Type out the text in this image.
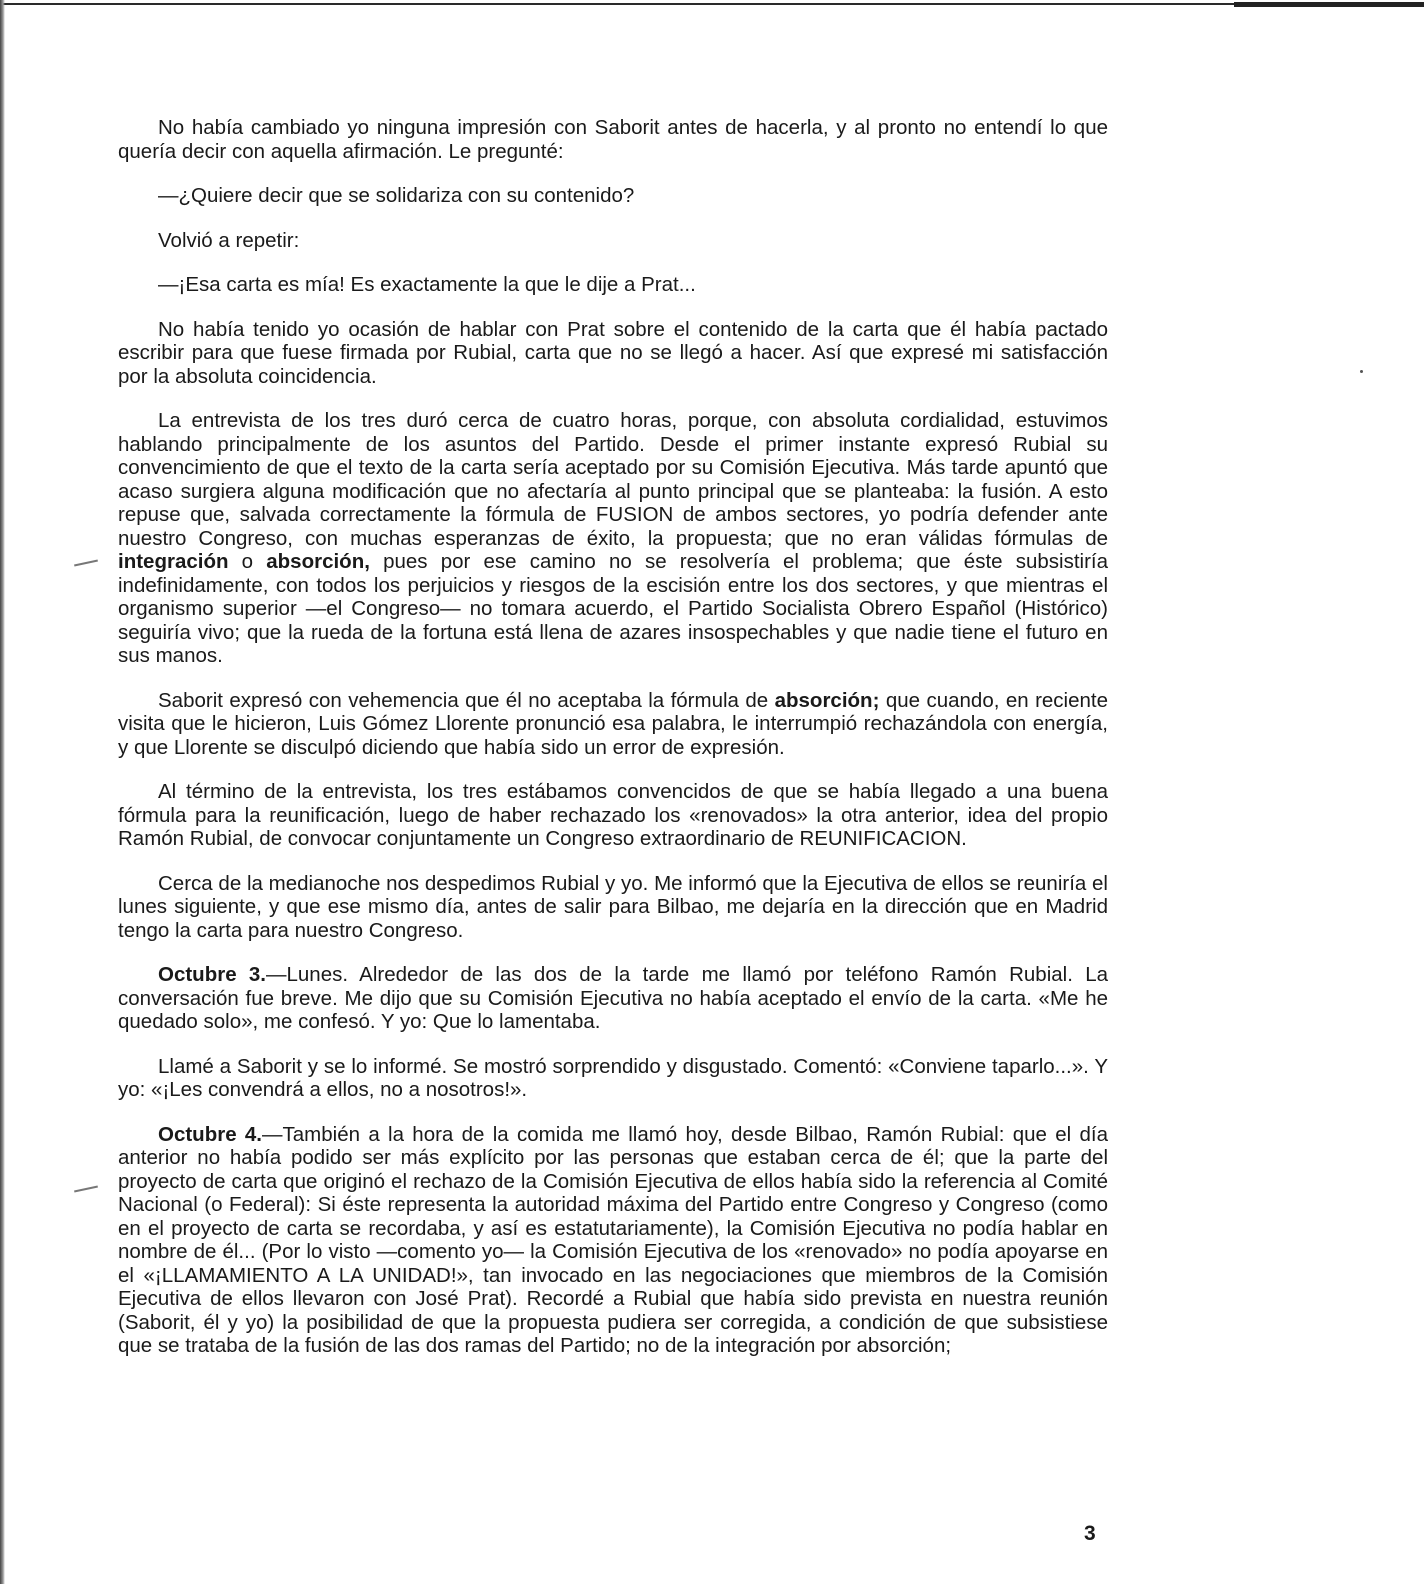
No había cambiado yo ninguna impresión con Saborit antes de hacerla, y al pronto no entendí lo que quería decir con aquella afirmación. Le pregunté:

—¿Quiere decir que se solidariza con su contenido?

Volvió a repetir:

—¡Esa carta es mía! Es exactamente la que le dije a Prat...

No había tenido yo ocasión de hablar con Prat sobre el contenido de la carta que él había pactado escribir para que fuese firmada por Rubial, carta que no se llegó a hacer. Así que expresé mi satisfacción por la absoluta coincidencia.

La entrevista de los tres duró cerca de cuatro horas, porque, con absoluta cordialidad, estuvimos hablando principalmente de los asuntos del Partido. Desde el primer instante expresó Rubial su convencimiento de que el texto de la carta sería aceptado por su Comisión Ejecutiva. Más tarde apuntó que acaso surgiera alguna modificación que no afectaría al punto principal que se planteaba: la fusión. A esto repuse que, salvada correctamente la fórmula de FUSION de ambos sectores, yo podría defender ante nuestro Congreso, con muchas esperanzas de éxito, la propuesta; que no eran válidas fórmulas de integración o absorción, pues por ese camino no se resolvería el problema; que éste subsistiría indefinidamente, con todos los perjuicios y riesgos de la escisión entre los dos sectores, y que mientras el organismo superior —el Congreso— no tomara acuerdo, el Partido Socialista Obrero Español (Histórico) seguiría vivo; que la rueda de la fortuna está llena de azares insospechables y que nadie tiene el futuro en sus manos.

Saborit expresó con vehemencia que él no aceptaba la fórmula de absorción; que cuando, en reciente visita que le hicieron, Luis Gómez Llorente pronunció esa palabra, le interrumpió rechazándola con energía, y que Llorente se disculpó diciendo que había sido un error de expresión.

Al término de la entrevista, los tres estábamos convencidos de que se había llegado a una buena fórmula para la reunificación, luego de haber rechazado los «renovados» la otra anterior, idea del propio Ramón Rubial, de convocar conjuntamente un Congreso extraordinario de REUNIFICACION.

Cerca de la medianoche nos despedimos Rubial y yo. Me informó que la Ejecutiva de ellos se reuniría el lunes siguiente, y que ese mismo día, antes de salir para Bilbao, me dejaría en la dirección que en Madrid tengo la carta para nuestro Congreso.

Octubre 3.—Lunes. Alrededor de las dos de la tarde me llamó por teléfono Ramón Rubial. La conversación fue breve. Me dijo que su Comisión Ejecutiva no había aceptado el envío de la carta. «Me he quedado solo», me confesó. Y yo: Que lo lamentaba.

Llamé a Saborit y se lo informé. Se mostró sorprendido y disgustado. Comentó: «Conviene taparlo...». Y yo: «¡Les convendrá a ellos, no a nosotros!».

Octubre 4.—También a la hora de la comida me llamó hoy, desde Bilbao, Ramón Rubial: que el día anterior no había podido ser más explícito por las personas que estaban cerca de él; que la parte del proyecto de carta que originó el rechazo de la Comisión Ejecutiva de ellos había sido la referencia al Comité Nacional (o Federal): Si éste representa la autoridad máxima del Partido entre Congreso y Congreso (como en el proyecto de carta se recordaba, y así es estatutariamente), la Comisión Ejecutiva no podía hablar en nombre de él... (Por lo visto —comento yo— la Comisión Ejecutiva de los «renovado» no podía apoyarse en el «¡LLAMAMIENTO A LA UNIDAD!», tan invocado en las negociaciones que miembros de la Comisión Ejecutiva de ellos llevaron con José Prat). Recordé a Rubial que había sido prevista en nuestra reunión (Saborit, él y yo) la posibilidad de que la propuesta pudiera ser corregida, a condición de que subsistiese que se trataba de la fusión de las dos ramas del Partido; no de la integración por absorción;

3
